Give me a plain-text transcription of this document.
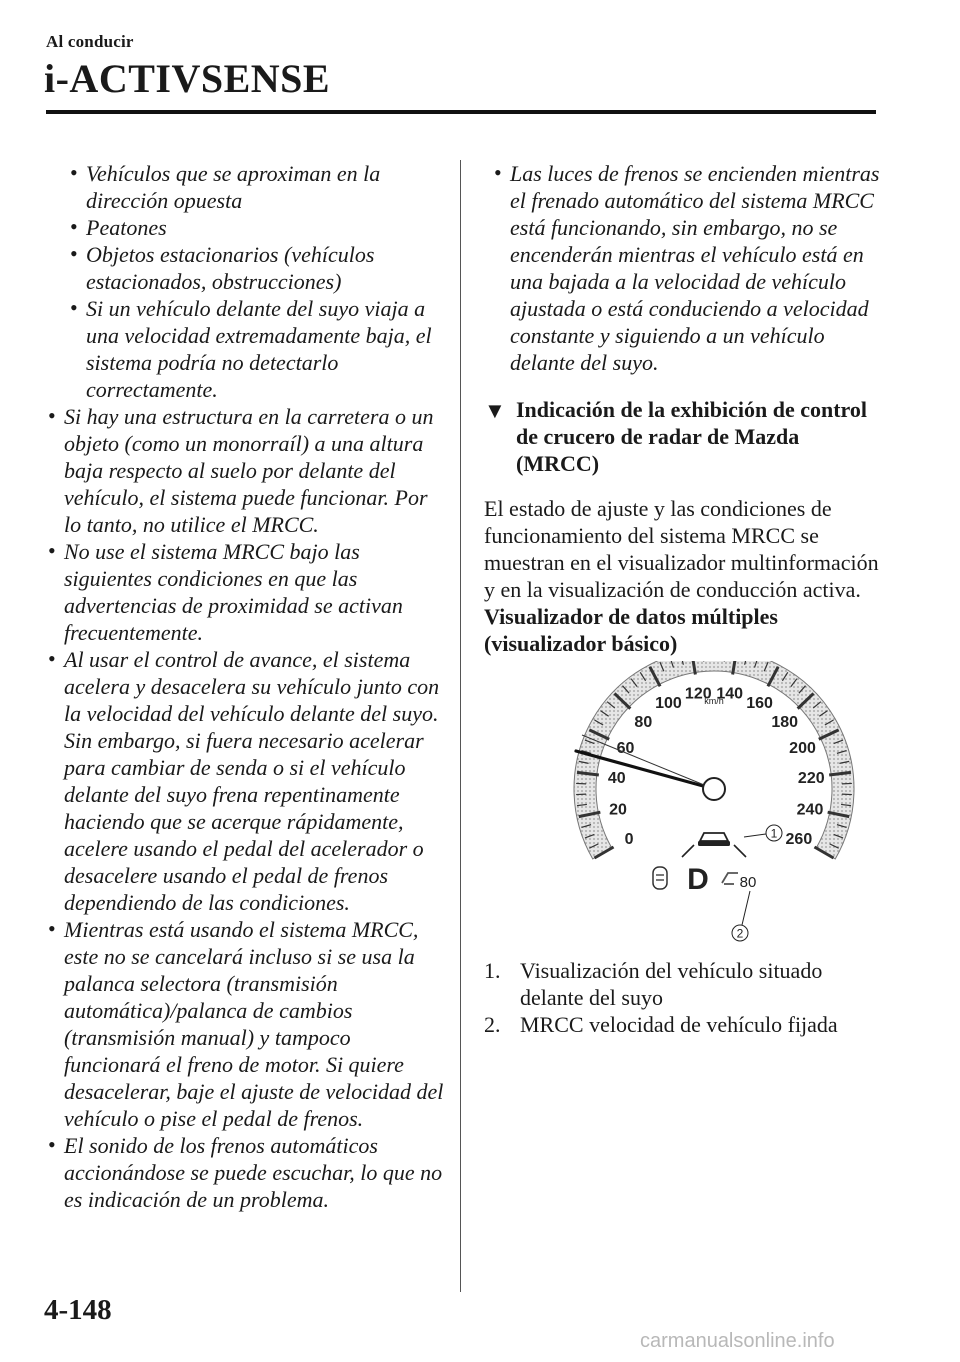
Al conducir
i-ACTIVSENSE
• Vehículos que se aproximan en la dirección opuesta
• Peatones
• Objetos estacionarios (vehículos estacionados, obstrucciones)
• Si un vehículo delante del suyo viaja a una velocidad extremadamente baja, el sistema podría no detectarlo correctamente.
• Si hay una estructura en la carretera o un objeto (como un monorraíl) a una altura baja respecto al suelo por delante del vehículo, el sistema puede funcionar. Por lo tanto, no utilice el MRCC.
• No use el sistema MRCC bajo las siguientes condiciones en que las advertencias de proximidad se activan frecuentemente.
• Al usar el control de avance, el sistema acelera y desacelera su vehículo junto con la velocidad del vehículo delante del suyo. Sin embargo, si fuera necesario acelerar para cambiar de senda o si el vehículo delante del suyo frena repentinamente haciendo que se acerque rápidamente, acelere usando el pedal del acelerador o desacelere usando el pedal de frenos dependiendo de las condiciones.
• Mientras está usando el sistema MRCC, este no se cancelará incluso si se usa la palanca selectora (transmisión automática)/palanca de cambios (transmisión manual) y tampoco funcionará el freno de motor. Si quiere desacelerar, baje el ajuste de velocidad del vehículo o pise el pedal de frenos.
• El sonido de los frenos automáticos accionándose se puede escuchar, lo que no es indicación de un problema.
• Las luces de frenos se encienden mientras el frenado automático del sistema MRCC está funcionando, sin embargo, no se encenderán mientras el vehículo está en una bajada a la velocidad de vehículo ajustada o está conduciendo a velocidad constante y siguiendo a un vehículo delante del suyo.
▼ Indicación de la exhibición de control de crucero de radar de Mazda (MRCC)
El estado de ajuste y las condiciones de funcionamiento del sistema MRCC se muestran en el visualizador multinformación y en la visualización de conducción activa.
Visualizador de datos múltiples (visualizador básico)
0
20
40
60
80
100
120 140
160
180
200
220
240
260
km/h
1
D 80
2
1. Visualización del vehículo situado delante del suyo
2. MRCC velocidad de vehículo fijada
4-148
carmanualsonline.info
